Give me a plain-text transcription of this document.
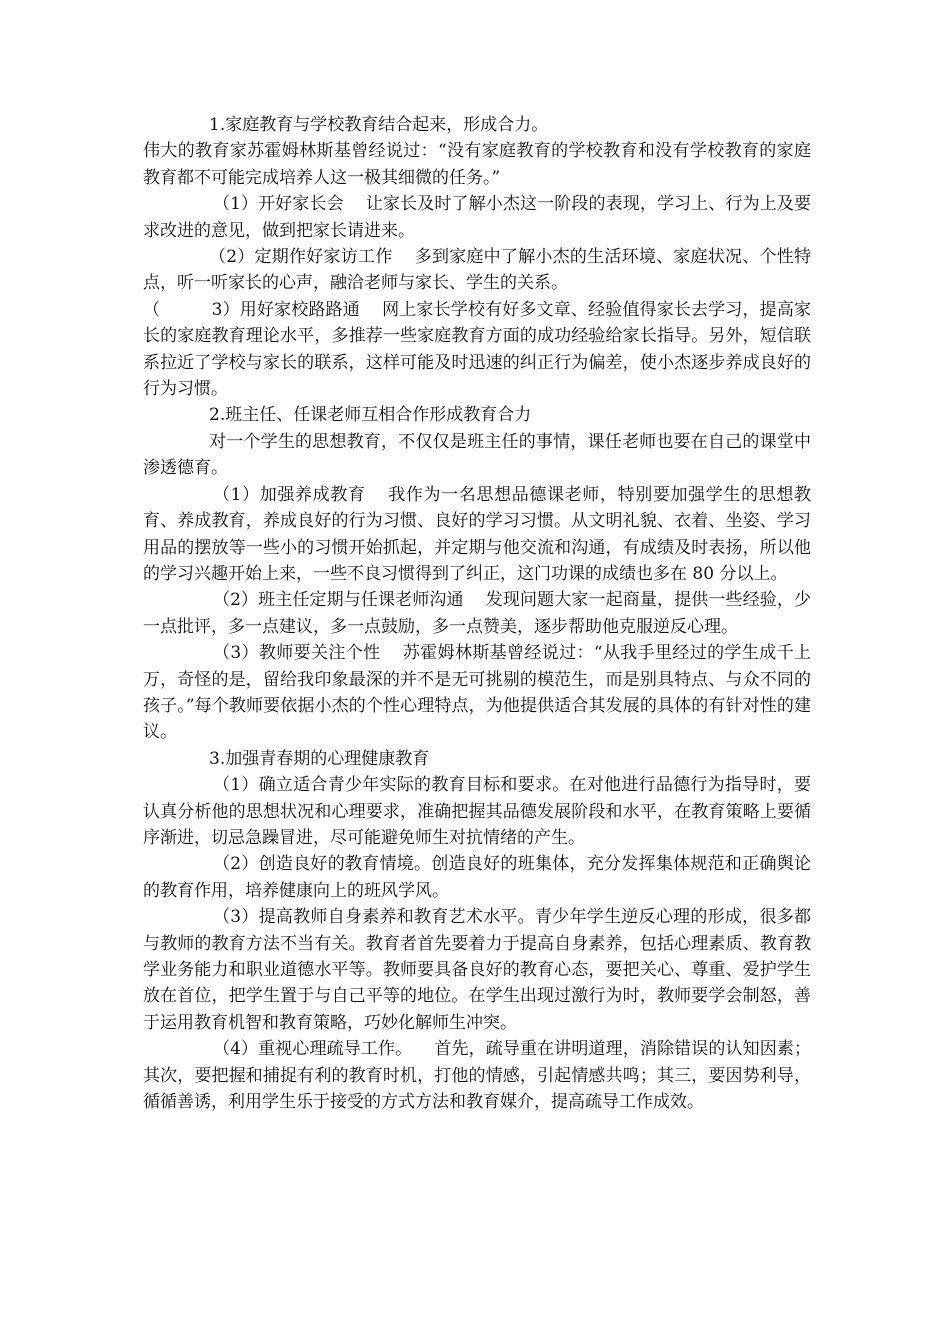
1.家庭教育与学校教育结合起来，形成合力。

伟大的教育家苏霍姆林斯基曾经说过：“没有家庭教育的学校教育和没有学校教育的家庭教育都不可能完成培养人这一极其细微的任务。”

（1）开好家长会 让家长及时了解小杰这一阶段的表现，学习上、行为上及要求改进的意见，做到把家长请进来。

（2）定期作好家访工作 多到家庭中了解小杰的生活环境、家庭状况、个性特点，听一听家长的心声，融洽老师与家长、学生的关系。

（　　　3）用好家校路路通 网上家长学校有好多文章、经验值得家长去学习，提高家长的家庭教育理论水平，多推荐一些家庭教育方面的成功经验给家长指导。另外，短信联系拉近了学校与家长的联系，这样可能及时迅速的纠正行为偏差，使小杰逐步养成良好的行为习惯。

2.班主任、任课老师互相合作形成教育合力

对一个学生的思想教育，不仅仅是班主任的事情，课任老师也要在自己的课堂中渗透德育。

（1）加强养成教育 我作为一名思想品德课老师，特别要加强学生的思想教育、养成教育，养成良好的行为习惯、良好的学习习惯。从文明礼貌、衣着、坐姿、学习用品的摆放等一些小的习惯开始抓起，并定期与他交流和沟通，有成绩及时表扬，所以他的学习兴趣开始上来，一些不良习惯得到了纠正，这门功课的成绩也多在 80 分以上。

（2）班主任定期与任课老师沟通 发现问题大家一起商量，提供一些经验，少一点批评，多一点建议，多一点鼓励，多一点赞美，逐步帮助他克服逆反心理。

（3）教师要关注个性 苏霍姆林斯基曾经说过：“从我手里经过的学生成千上万，奇怪的是，留给我印象最深的并不是无可挑剔的模范生，而是别具特点、与众不同的孩子。”每个教师要依据小杰的个性心理特点，为他提供适合其发展的具体的有针对性的建议。

3.加强青春期的心理健康教育

（1）确立适合青少年实际的教育目标和要求。在对他进行品德行为指导时，要认真分析他的思想状况和心理要求，准确把握其品德发展阶段和水平，在教育策略上要循序渐进，切忌急躁冒进，尽可能避免师生对抗情绪的产生。

（2）创造良好的教育情境。创造良好的班集体，充分发挥集体规范和正确舆论的教育作用，培养健康向上的班风学风。

（3）提高教师自身素养和教育艺术水平。青少年学生逆反心理的形成，很多都与教师的教育方法不当有关。教育者首先要着力于提高自身素养，包括心理素质、教育教学业务能力和职业道德水平等。教师要具备良好的教育心态，要把关心、尊重、爱护学生放在首位，把学生置于与自己平等的地位。在学生出现过激行为时，教师要学会制怒，善于运用教育机智和教育策略，巧妙化解师生冲突。

（4）重视心理疏导工作。 首先，疏导重在讲明道理，消除错误的认知因素；其次，要把握和捕捉有利的教育时机，打他的情感，引起情感共鸣；其三，要因势利导，循循善诱，利用学生乐于接受的方式方法和教育媒介，提高疏导工作成效。
